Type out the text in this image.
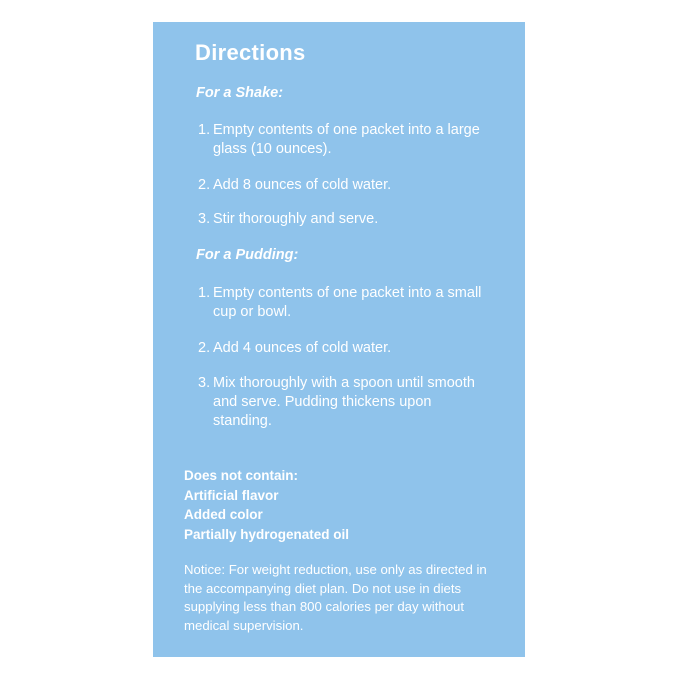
Directions
For a Shake:
1. Empty contents of one packet into a large glass (10 ounces).
2. Add 8 ounces of cold water.
3. Stir thoroughly and serve.
For a Pudding:
1. Empty contents of one packet into a small cup or bowl.
2. Add 4 ounces of cold water.
3. Mix thoroughly with a spoon until smooth and serve. Pudding thickens upon standing.
Does not contain:
Artificial flavor
Added color
Partially hydrogenated oil
Notice: For weight reduction, use only as directed in the accompanying diet plan. Do not use in diets supplying less than 800 calories per day without medical supervision.
